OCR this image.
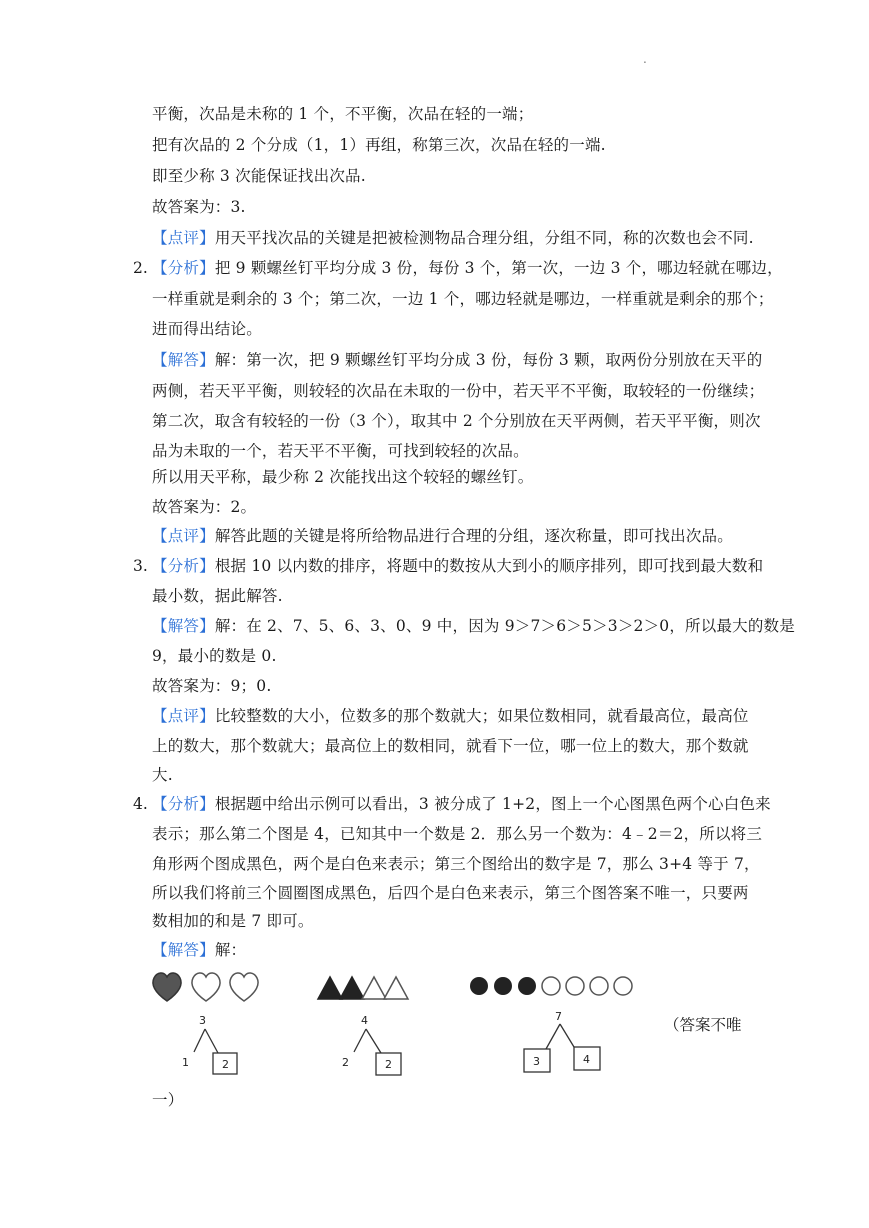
.
平衡，次品是未称的 1 个，不平衡，次品在轻的一端；
把有次品的 2 个分成（1，1）再组，称第三次，次品在轻的一端.
即至少称 3 次能保证找出次品.
故答案为：3.
【点评】用天平找次品的关键是把被检测物品合理分组，分组不同，称的次数也会不同.
2. 【分析】把 9 颗螺丝钉平均分成 3 份，每份 3 个，第一次，一边 3 个，哪边轻就在哪边，
一样重就是剩余的 3 个；第二次，一边 1 个，哪边轻就是哪边，一样重就是剩余的那个；
进而得出结论。
【解答】解：第一次，把 9 颗螺丝钉平均分成 3 份，每份 3 颗，取两份分别放在天平的
两侧，若天平平衡，则较轻的次品在未取的一份中，若天平不平衡，取较轻的一份继续；
第二次，取含有较轻的一份（3 个），取其中 2 个分别放在天平两侧，若天平平衡，则次
品为未取的一个，若天平不平衡，可找到较轻的次品。
所以用天平称，最少称 2 次能找出这个较轻的螺丝钉。
故答案为：2。
【点评】解答此题的关键是将所给物品进行合理的分组，逐次称量，即可找出次品。
3. 【分析】根据 10 以内数的排序，将题中的数按从大到小的顺序排列，即可找到最大数和
最小数，据此解答.
【解答】解：在 2、7、5、6、3、0、9 中，因为 9＞7＞6＞5＞3＞2＞0，所以最大的数是
9，最小的数是 0.
故答案为：9；0.
【点评】比较整数的大小，位数多的那个数就大；如果位数相同，就看最高位，最高位
上的数大，那个数就大；最高位上的数相同，就看下一位，哪一位上的数大，那个数就
大.
4. 【分析】根据题中给出示例可以看出，3 被分成了 1+2，图上一个心图黑色两个心白色来
表示；那么第二个图是 4，已知其中一个数是 2．那么另一个数为：4﹣2＝2，所以将三
角形两个图成黑色，两个是白色来表示；第三个图给出的数字是 7，那么 3+4 等于 7，
所以我们将前三个圆圈图成黑色，后四个是白色来表示，第三个图答案不唯一，只要两
数相加的和是 7 即可。
【解答】解：
3
1	2
4
2	2
7
3	4
（答案不唯
一）
